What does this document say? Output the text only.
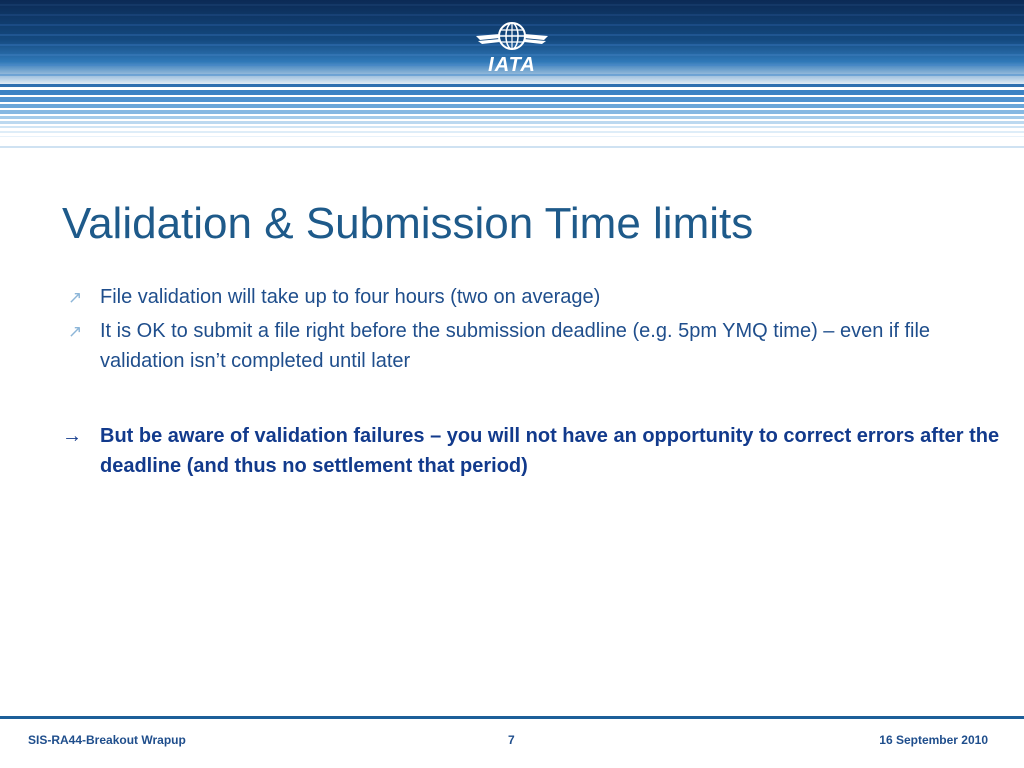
IATA
Validation & Submission Time limits
↗ File validation will take up to four hours (two on average)
↗ It is OK to submit a file right before the submission deadline (e.g. 5pm YMQ time) – even if file validation isn’t completed until later
→ But be aware of validation failures – you will not have an opportunity to correct errors after the deadline (and thus no settlement that period)
SIS-RA44-Breakout Wrapup	7	16 September 2010
